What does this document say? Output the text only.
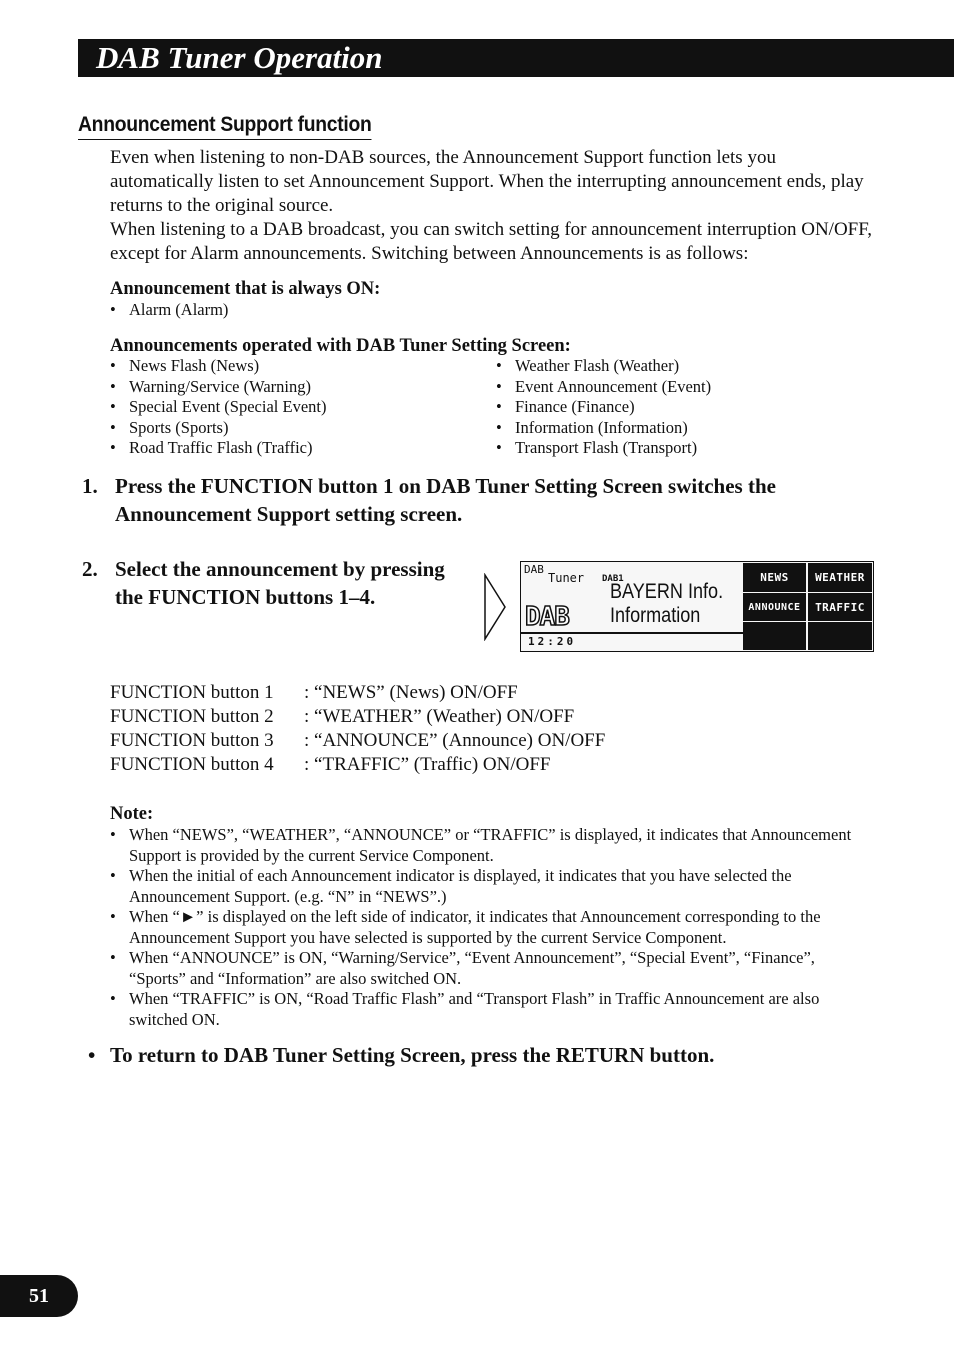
DAB Tuner Operation
Announcement Support function

Even when listening to non-DAB sources, the Announcement Support function lets you automatically listen to set Announcement Support. When the interrupting announcement ends, play returns to the original source.

When listening to a DAB broadcast, you can switch setting for announcement interruption ON/OFF, except for Alarm announcements. Switching between Announcements is as follows:

Announcement that is always ON:
• Alarm (Alarm)
Announcements operated with DAB Tuner Setting Screen:
• News Flash (News)
• Warning/Service (Warning)
• Special Event (Special Event)
• Sports (Sports)
• Road Traffic Flash (Traffic)
• Weather Flash (Weather)
• Event Announcement (Event)
• Finance (Finance)
• Information (Information)
• Transport Flash (Transport)
1. Press the FUNCTION button 1 on DAB Tuner Setting Screen switches the Announcement Support setting screen.
2. Select the announcement by pressing the FUNCTION buttons 1–4.
DAB
Tuner DAB1
DAB
BAYERN Info.
Information
12:20
NEWS	WEATHER
ANNOUNCE	TRAFFIC
FUNCTION button 1	: “NEWS” (News) ON/OFF
FUNCTION button 2	: “WEATHER” (Weather) ON/OFF
FUNCTION button 3	: “ANNOUNCE” (Announce) ON/OFF
FUNCTION button 4	: “TRAFFIC” (Traffic) ON/OFF
Note:
• When “NEWS”, “WEATHER”, “ANNOUNCE” or “TRAFFIC” is displayed, it indicates that Announcement Support is provided by the current Service Component.
• When the initial of each Announcement indicator is displayed, it indicates that you have selected the Announcement Support. (e.g. “N” in “NEWS”.)
• When “►” is displayed on the left side of indicator, it indicates that Announcement corresponding to the Announcement Support you have selected is supported by the current Service Component.
• When “ANNOUNCE” is ON, “Warning/Service”, “Event Announcement”, “Special Event”, “Finance”, “Sports” and “Information” are also switched ON.
• When “TRAFFIC” is ON, “Road Traffic Flash” and “Transport Flash” in Traffic Announcement are also switched ON.
• To return to DAB Tuner Setting Screen, press the RETURN button.
51
